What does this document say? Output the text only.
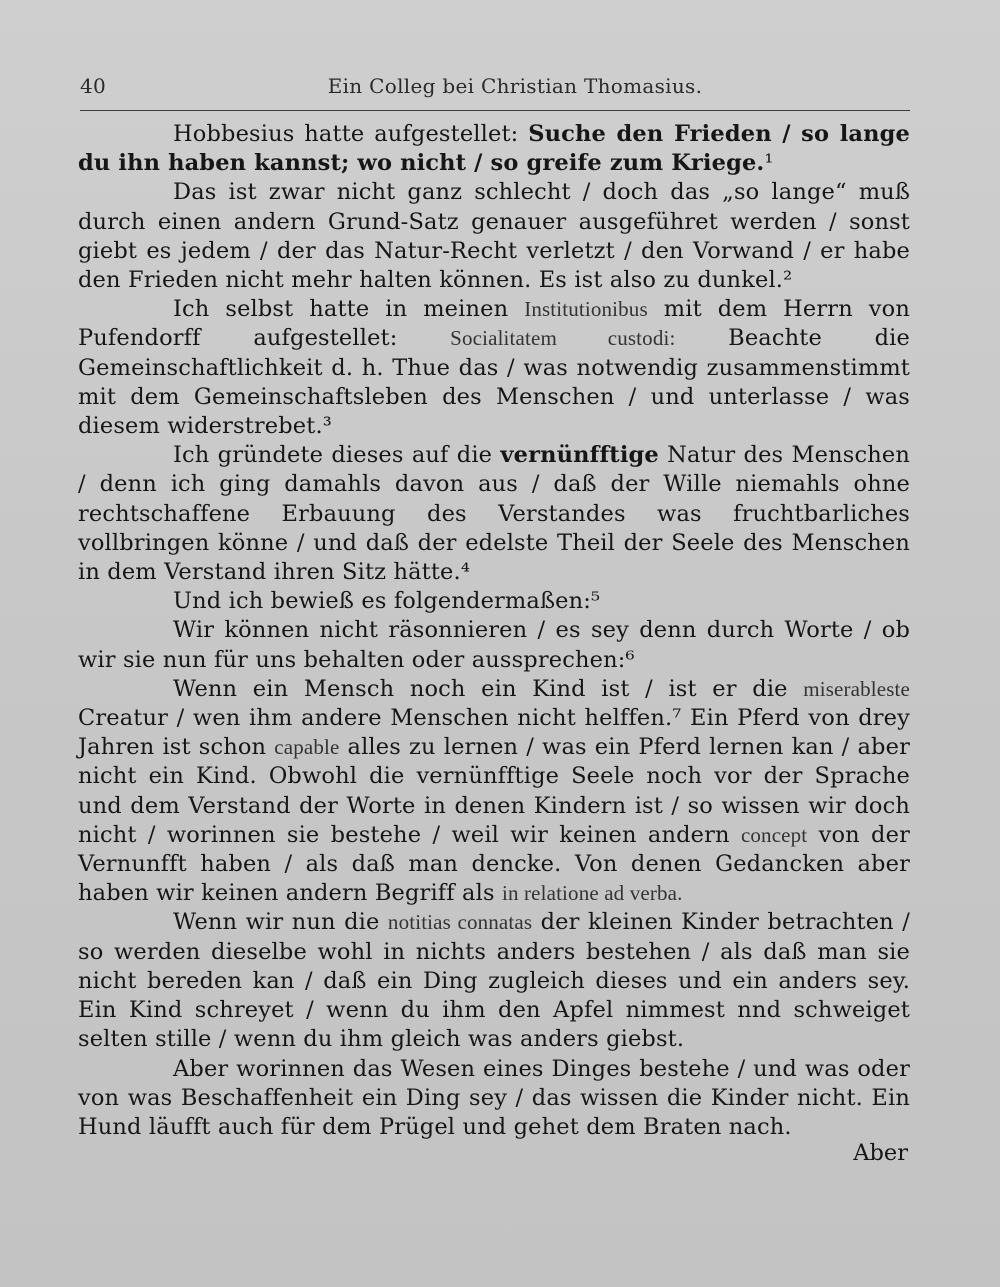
40	Ein Colleg bei Christian Thomasius.

Hobbesius hatte aufgestellet: Suche den Frieden / so lange du ihn haben kannst; wo nicht / so greife zum Kriege.¹

Das ist zwar nicht ganz schlecht / doch das „so lange“ muß durch einen andern Grund-Satz genauer ausgeführet werden / sonst giebt es jedem / der das Natur-Recht verletzt / den Vorwand / er habe den Frieden nicht mehr halten können. Es ist also zu dunkel.²

Ich selbst hatte in meinen Institutionibus mit dem Herrn von Pufendorff aufgestellet: Socialitatem custodi: Beachte die Gemeinschaftlichkeit d. h. Thue das / was notwendig zusammenstimmt mit dem Gemeinschaftsleben des Menschen / und unterlasse / was diesem widerstrebet.³

Ich gründete dieses auf die vernünfftige Natur des Menschen / denn ich ging damahls davon aus / daß der Wille niemahls ohne rechtschaffene Erbauung des Verstandes was fruchtbarliches vollbringen könne / und daß der edelste Theil der Seele des Menschen in dem Verstand ihren Sitz hätte.⁴

Und ich bewieß es folgendermaßen:⁵

Wir können nicht räsonnieren / es sey denn durch Worte / ob wir sie nun für uns behalten oder aussprechen:⁶

Wenn ein Mensch noch ein Kind ist / ist er die miserableste Creatur / wen ihm andere Menschen nicht helffen.⁷ Ein Pferd von drey Jahren ist schon capable alles zu lernen / was ein Pferd lernen kan / aber nicht ein Kind. Obwohl die vernünfftige Seele noch vor der Sprache und dem Verstand der Worte in denen Kindern ist / so wissen wir doch nicht / worinnen sie bestehe / weil wir keinen andern concept von der Vernunfft haben / als daß man dencke. Von denen Gedancken aber haben wir keinen andern Begriff als in relatione ad verba.

Wenn wir nun die notitias connatas der kleinen Kinder betrachten / so werden dieselbe wohl in nichts anders bestehen / als daß man sie nicht bereden kan / daß ein Ding zugleich dieses und ein anders sey. Ein Kind schreyet / wenn du ihm den Apfel nimmest nnd schweiget selten stille / wenn du ihm gleich was anders giebst.

Aber worinnen das Wesen eines Dinges bestehe / und was oder von was Beschaffenheit ein Ding sey / das wissen die Kinder nicht. Ein Hund läufft auch für dem Prügel und gehet dem Braten nach.

Aber
